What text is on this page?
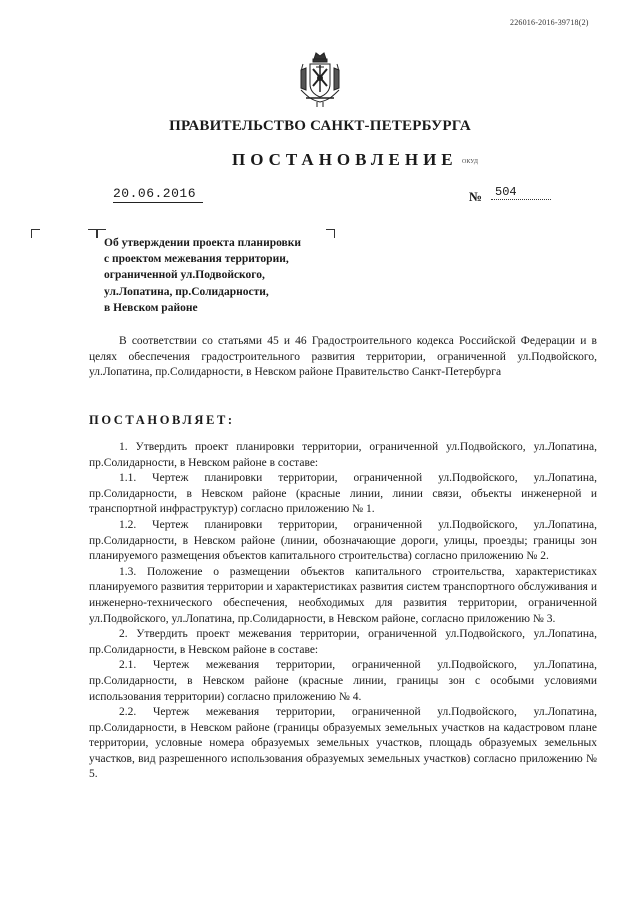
226016-2016-39718(2)
ПРАВИТЕЛЬСТВО САНКТ-ПЕТЕРБУРГА
ПОСТАНОВЛЕНИЕ ОКУД
20.06.2016	№	504
Об утверждении проекта планировки
с проектом межевания территории,
ограниченной ул.Подвойского,
ул.Лопатина, пр.Солидарности,
в Невском районе

В соответствии со статьями 45 и 46 Градостроительного кодекса Российской Федерации и в целях обеспечения градостроительного развития территории, ограниченной ул.Подвойского, ул.Лопатина, пр.Солидарности, в Невском районе Правительство Санкт-Петербурга

ПОСТАНОВЛЯЕТ:

1. Утвердить проект планировки территории, ограниченной ул.Подвойского, ул.Лопатина, пр.Солидарности, в Невском районе в составе:

1.1. Чертеж планировки территории, ограниченной ул.Подвойского, ул.Лопатина, пр.Солидарности, в Невском районе (красные линии, линии связи, объекты инженерной и транспортной инфраструктур) согласно приложению № 1.

1.2. Чертеж планировки территории, ограниченной ул.Подвойского, ул.Лопатина, пр.Солидарности, в Невском районе (линии, обозначающие дороги, улицы, проезды; границы зон планируемого размещения объектов капитального строительства) согласно приложению № 2.

1.3. Положение о размещении объектов капитального строительства, характеристиках планируемого развития территории и характеристиках развития систем транспортного обслуживания и инженерно-технического обеспечения, необходимых для развития территории, ограниченной ул.Подвойского, ул.Лопатина, пр.Солидарности, в Невском районе, согласно приложению № 3.

2. Утвердить проект межевания территории, ограниченной ул.Подвойского, ул.Лопатина, пр.Солидарности, в Невском районе в составе:

2.1. Чертеж межевания территории, ограниченной ул.Подвойского, ул.Лопатина, пр.Солидарности, в Невском районе (красные линии, границы зон с особыми условиями использования территории) согласно приложению № 4.

2.2. Чертеж межевания территории, ограниченной ул.Подвойского, ул.Лопатина, пр.Солидарности, в Невском районе (границы образуемых земельных участков на кадастровом плане территории, условные номера образуемых земельных участков, площадь образуемых земельных участков, вид разрешенного использования образуемых земельных участков) согласно приложению № 5.
